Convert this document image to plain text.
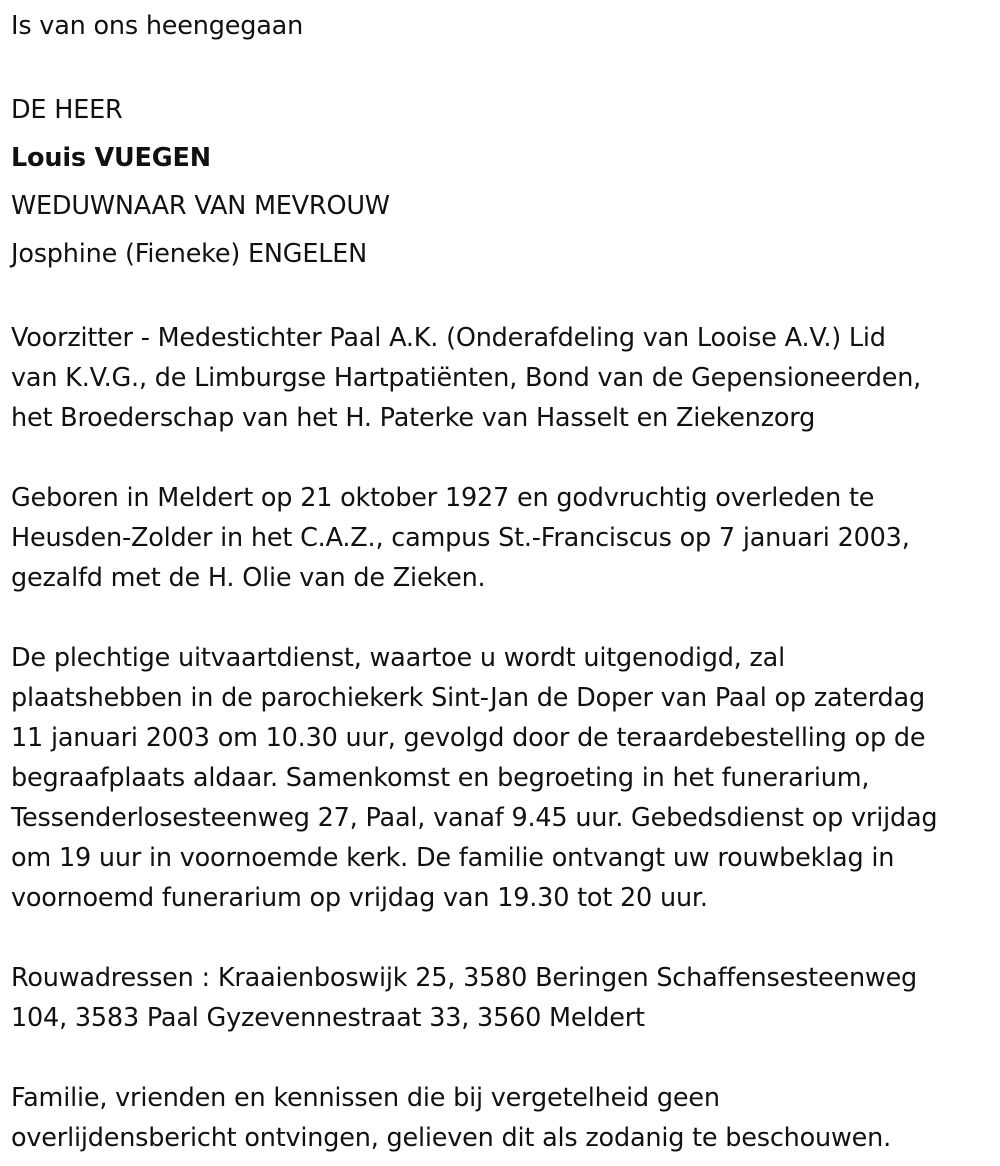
Is van ons heengegaan
DE HEER
Louis VUEGEN
WEDUWNAAR VAN MEVROUW
Josphine (Fieneke) ENGELEN
Voorzitter - Medestichter Paal A.K. (Onderafdeling van Looise A.V.) Lid
van K.V.G., de Limburgse Hartpatiënten, Bond van de Gepensioneerden,
het Broederschap van het H. Paterke van Hasselt en Ziekenzorg
Geboren in Meldert op 21 oktober 1927 en godvruchtig overleden te
Heusden-Zolder in het C.A.Z., campus St.-Franciscus op 7 januari 2003,
gezalfd met de H. Olie van de Zieken.
De plechtige uitvaartdienst, waartoe u wordt uitgenodigd, zal
plaatshebben in de parochiekerk Sint-Jan de Doper van Paal op zaterdag
11 januari 2003 om 10.30 uur, gevolgd door de teraardebestelling op de
begraafplaats aldaar. Samenkomst en begroeting in het funerarium,
Tessenderlosesteenweg 27, Paal, vanaf 9.45 uur. Gebedsdienst op vrijdag
om 19 uur in voornoemde kerk. De familie ontvangt uw rouwbeklag in
voornoemd funerarium op vrijdag van 19.30 tot 20 uur.
Rouwadressen : Kraaienboswijk 25, 3580 Beringen Schaffensesteenweg
104, 3583 Paal Gyzevennestraat 33, 3560 Meldert
Familie, vrienden en kennissen die bij vergetelheid geen
overlijdensbericht ontvingen, gelieven dit als zodanig te beschouwen.
